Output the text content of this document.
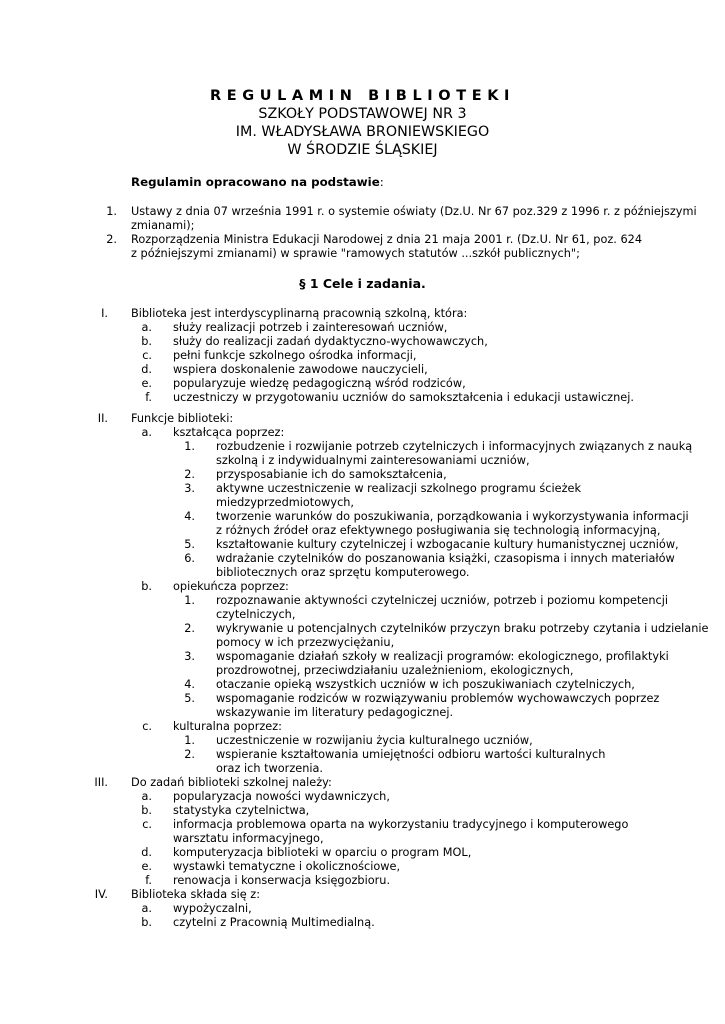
REGULAMIN BIBLIOTEKI
SZKOŁY PODSTAWOWEJ NR 3
IM. WŁADYSŁAWA BRONIEWSKIEGO
W ŚRODZIE ŚLĄSKIEJ
Regulamin opracowano na podstawie:
1. Ustawy z dnia 07 września 1991 r. o systemie oświaty (Dz.U. Nr 67 poz.329 z 1996 r. z późniejszymi
zmianami);
2. Rozporządzenia Ministra Edukacji Narodowej z dnia 21 maja 2001 r. (Dz.U. Nr 61, poz. 624
z późniejszymi zmianami) w sprawie "ramowych statutów ...szkół publicznych";
§ 1 Cele i zadania.
I. Biblioteka jest interdyscyplinarną pracownią szkolną, która:
a. służy realizacji potrzeb i zainteresowań uczniów,
b. służy do realizacji zadań dydaktyczno-wychowawczych,
c. pełni funkcje szkolnego ośrodka informacji,
d. wspiera doskonalenie zawodowe nauczycieli,
e. popularyzuje wiedzę pedagogiczną wśród rodziców,
f. uczestniczy w przygotowaniu uczniów do samokształcenia i edukacji ustawicznej.
II. Funkcje biblioteki:
a. kształcąca poprzez:
1. rozbudzenie i rozwijanie potrzeb czytelniczych i informacyjnych związanych z nauką
szkolną i z indywidualnymi zainteresowaniami uczniów,
2. przysposabianie ich do samokształcenia,
3. aktywne uczestniczenie w realizacji szkolnego programu ścieżek
miedzyprzedmiotowych,
4. tworzenie warunków do poszukiwania, porządkowania i wykorzystywania informacji
z różnych źródeł oraz efektywnego posługiwania się technologią informacyjną,
5. kształtowanie kultury czytelniczej i wzbogacanie kultury humanistycznej uczniów,
6. wdrażanie czytelników do poszanowania książki, czasopisma i innych materiałów
bibliotecznych oraz sprzętu komputerowego.
b. opiekuńcza poprzez:
1. rozpoznawanie aktywności czytelniczej uczniów, potrzeb i poziomu kompetencji
czytelniczych,
2. wykrywanie u potencjalnych czytelników przyczyn braku potrzeby czytania i udzielanie
pomocy w ich przezwyciężaniu,
3. wspomaganie działań szkoły w realizacji programów: ekologicznego, profilaktyki
prozdrowotnej, przeciwdziałaniu uzależnieniom, ekologicznych,
4. otaczanie opieką wszystkich uczniów w ich poszukiwaniach czytelniczych,
5. wspomaganie rodziców w rozwiązywaniu problemów wychowawczych poprzez
wskazywanie im literatury pedagogicznej.
c. kulturalna poprzez:
1. uczestniczenie w rozwijaniu życia kulturalnego uczniów,
2. wspieranie kształtowania umiejętności odbioru wartości kulturalnych
oraz ich tworzenia.
III. Do zadań biblioteki szkolnej należy:
a. popularyzacja nowości wydawniczych,
b. statystyka czytelnictwa,
c. informacja problemowa oparta na wykorzystaniu tradycyjnego i komputerowego
warsztatu informacyjnego,
d. komputeryzacja biblioteki w oparciu o program MOL,
e. wystawki tematyczne i okolicznościowe,
f. renowacja i konserwacja księgozbioru.
IV. Biblioteka składa się z:
a. wypożyczalni,
b. czytelni z Pracownią Multimedialną.
